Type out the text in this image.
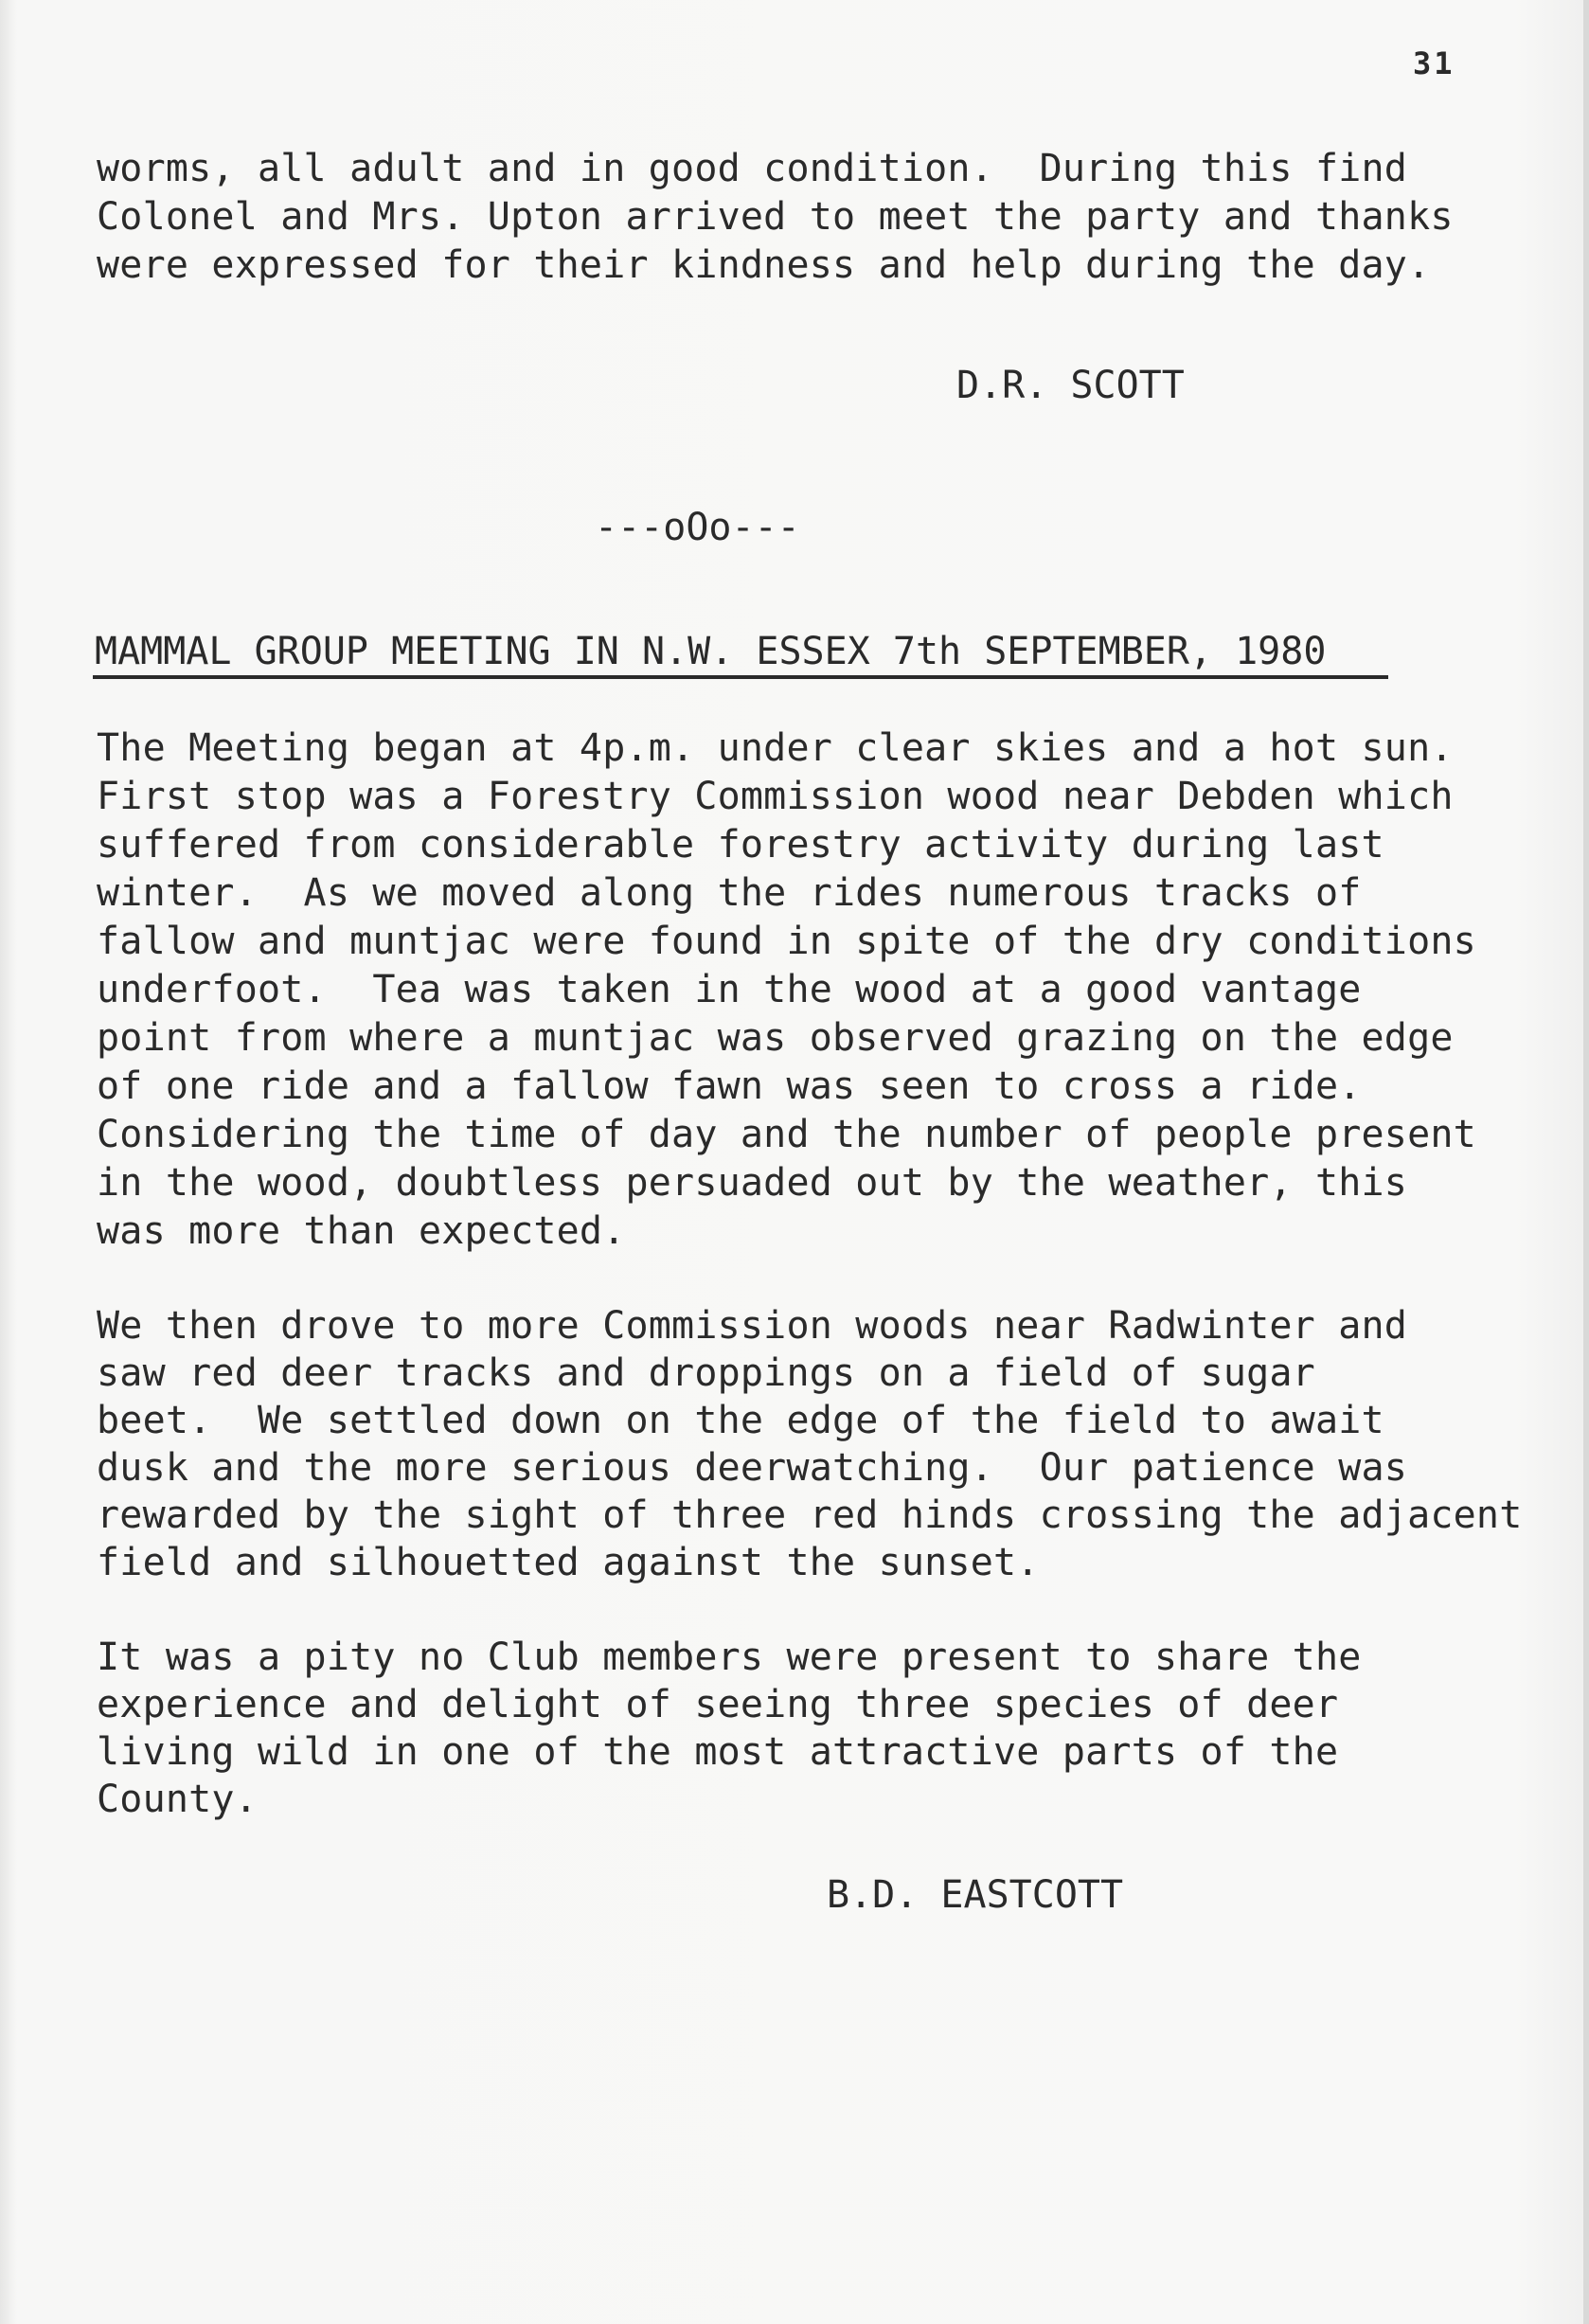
31
worms, all adult and in good condition.  During this find
Colonel and Mrs. Upton arrived to meet the party and thanks
were expressed for their kindness and help during the day.
D.R. SCOTT
---oOo---
MAMMAL GROUP MEETING IN N.W. ESSEX 7th SEPTEMBER, 1980
The Meeting began at 4p.m. under clear skies and a hot sun.
First stop was a Forestry Commission wood near Debden which
suffered from considerable forestry activity during last
winter.  As we moved along the rides numerous tracks of
fallow and muntjac were found in spite of the dry conditions
underfoot.  Tea was taken in the wood at a good vantage
point from where a muntjac was observed grazing on the edge
of one ride and a fallow fawn was seen to cross a ride.
Considering the time of day and the number of people present
in the wood, doubtless persuaded out by the weather, this
was more than expected.
We then drove to more Commission woods near Radwinter and
saw red deer tracks and droppings on a field of sugar
beet.  We settled down on the edge of the field to await
dusk and the more serious deerwatching.  Our patience was
rewarded by the sight of three red hinds crossing the adjacent
field and silhouetted against the sunset.
It was a pity no Club members were present to share the
experience and delight of seeing three species of deer
living wild in one of the most attractive parts of the
County.
B.D. EASTCOTT
